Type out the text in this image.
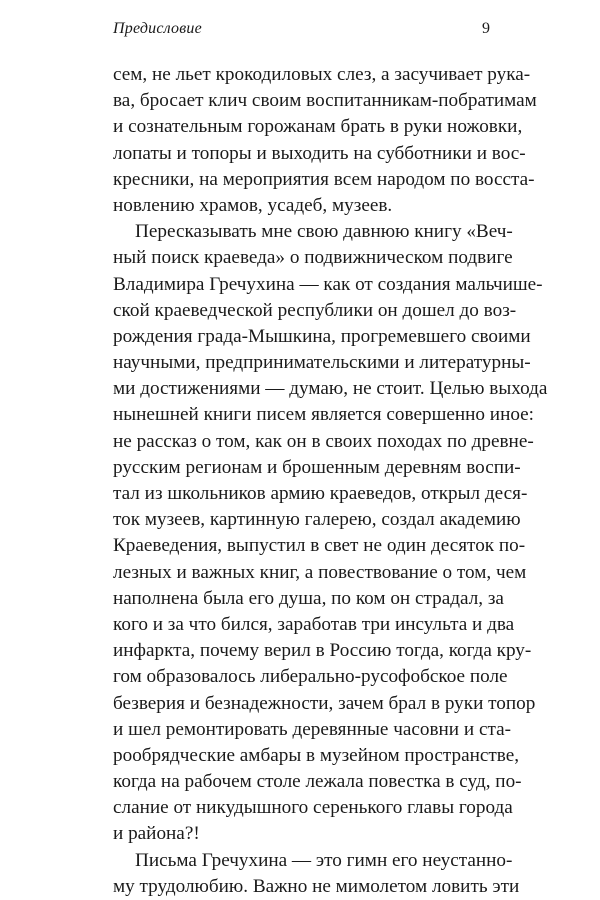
Предисловие	9
сем, не льет крокодиловых слез, а засучивает рука-
ва, бросает клич своим воспитанникам-побратимам
и сознательным горожанам брать в руки ножовки,
лопаты и топоры и выходить на субботники и вос-
кресники, на мероприятия всем народом по восста-
новлению храмов, усадеб, музеев.
Пересказывать мне свою давнюю книгу «Веч-
ный поиск краеведа» о подвижническом подвиге
Владимира Гречухина — как от создания мальчише-
ской краеведческой республики он дошел до воз-
рождения града-Мышкина, прогремевшего своими
научными, предпринимательскими и литературны-
ми достижениями — думаю, не стоит. Целью выхода
нынешней книги писем является совершенно иное:
не рассказ о том, как он в своих походах по древне-
русским регионам и брошенным деревням воспи-
тал из школьников армию краеведов, открыл деся-
ток музеев, картинную галерею, создал академию
Краеведения, выпустил в свет не один десяток по-
лезных и важных книг, а повествование о том, чем
наполнена была его душа, по ком он страдал, за
кого и за что бился, заработав три инсульта и два
инфаркта, почему верил в Россию тогда, когда кру-
гом образовалось либерально-русофобское поле
безверия и безнадежности, зачем брал в руки топор
и шел ремонтировать деревянные часовни и ста-
рообрядческие амбары в музейном пространстве,
когда на рабочем столе лежала повестка в суд, по-
слание от никудышного серенького главы города
и района?!
Письма Гречухина — это гимн его неустанно-
му трудолюбию. Важно не мимолетом ловить эти
